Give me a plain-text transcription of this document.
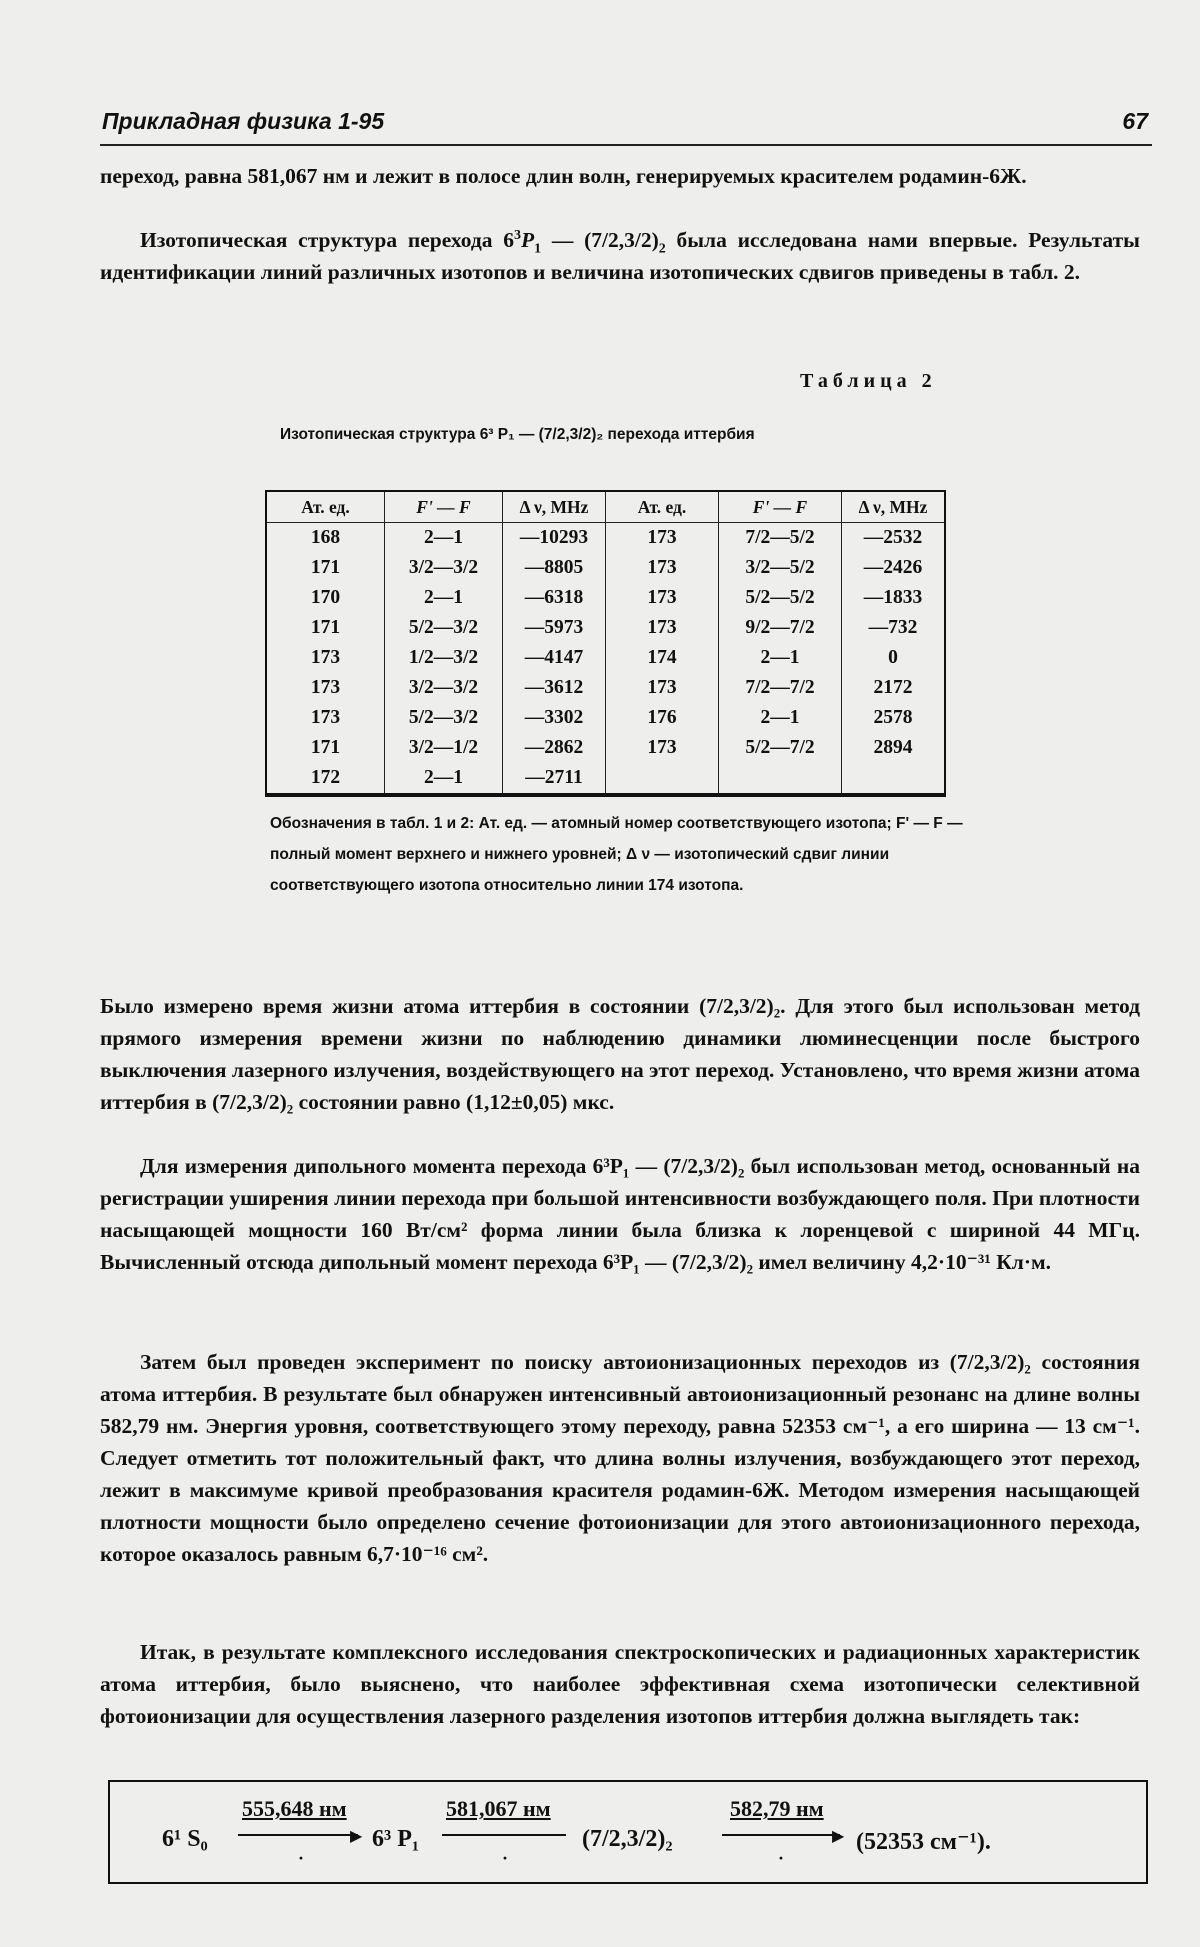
Прикладная физика 1-95	67

переход, равна 581,067 нм и лежит в полосе длин волн, генерируемых красителем родамин-6Ж.

Изотопическая структура перехода $6^3P_1$ — $(7/2,3/2)_2$ была исследована нами впервые. Результаты идентификации линий различных изотопов и величина изотопических сдвигов приведены в табл. 2.

Таблица 2
Изотопическая структура 6³ P₁ — (7/2,3/2)₂ перехода иттербия
Ат. ед.	F' — F	Δ ν, MHz	Ат. ед.	F' — F	Δ ν, MHz
168	2—1	—10293	173	7/2—5/2	—2532
171	3/2—3/2	—8805	173	3/2—5/2	—2426
170	2—1	—6318	173	5/2—5/2	—1833
171	5/2—3/2	—5973	173	9/2—7/2	—732
173	1/2—3/2	—4147	174	2—1	0
173	3/2—3/2	—3612	173	7/2—7/2	2172
173	5/2—3/2	—3302	176	2—1	2578
171	3/2—1/2	—2862	173	5/2—7/2	2894
172	2—1	—2711			
Обозначения в табл. 1 и 2: Ат. ед. — атомный номер соответствующего изотопа; F' — F — полный момент верхнего и нижнего уровней; Δ ν — изотопический сдвиг линии соответствующего изотопа относительно линии 174 изотопа.

Было измерено время жизни атома иттербия в состоянии (7/2,3/2)₂. Для этого был использован метод прямого измерения времени жизни по наблюдению динамики люминесценции после быстрого выключения лазерного излучения, воздействующего на этот переход. Установлено, что время жизни атома иттербия в (7/2,3/2)₂ состоянии равно (1,12±0,05) мкс.

Для измерения дипольного момента перехода 6³P₁ — (7/2,3/2)₂ был использован метод, основанный на регистрации уширения линии перехода при большой интенсивности возбуждающего поля. При плотности насыщающей мощности 160 Вт/см² форма линии была близка к лоренцевой с шириной 44 МГц. Вычисленный отсюда дипольный момент перехода 6³P₁ — (7/2,3/2)₂ имел величину 4,2·10⁻³¹ Кл·м.

Затем был проведен эксперимент по поиску автоионизационных переходов из (7/2,3/2)₂ состояния атома иттербия. В результате был обнаружен интенсивный автоионизационный резонанс на длине волны 582,79 нм. Энергия уровня, соответствующего этому переходу, равна 52353 см⁻¹, а его ширина — 13 см⁻¹. Следует отметить тот положительный факт, что длина волны излучения, возбуждающего этот переход, лежит в максимуме кривой преобразования красителя родамин-6Ж. Методом измерения насыщающей плотности мощности было определено сечение фотоионизации для этого автоионизационного перехода, которое оказалось равным 6,7·10⁻¹⁶ см².

Итак, в результате комплексного исследования спектроскопических и радиационных характеристик атома иттербия, было выяснено, что наиболее эффективная схема изотопически селективной фотоионизации для осуществления лазерного разделения изотопов иттербия должна выглядеть так:

6¹ S₀
555,648 нм
▶
·
6³ P₁
581,067 нм
·
(7/2,3/2)₂
582,79 нм
▶
·
(52353 см⁻¹).
